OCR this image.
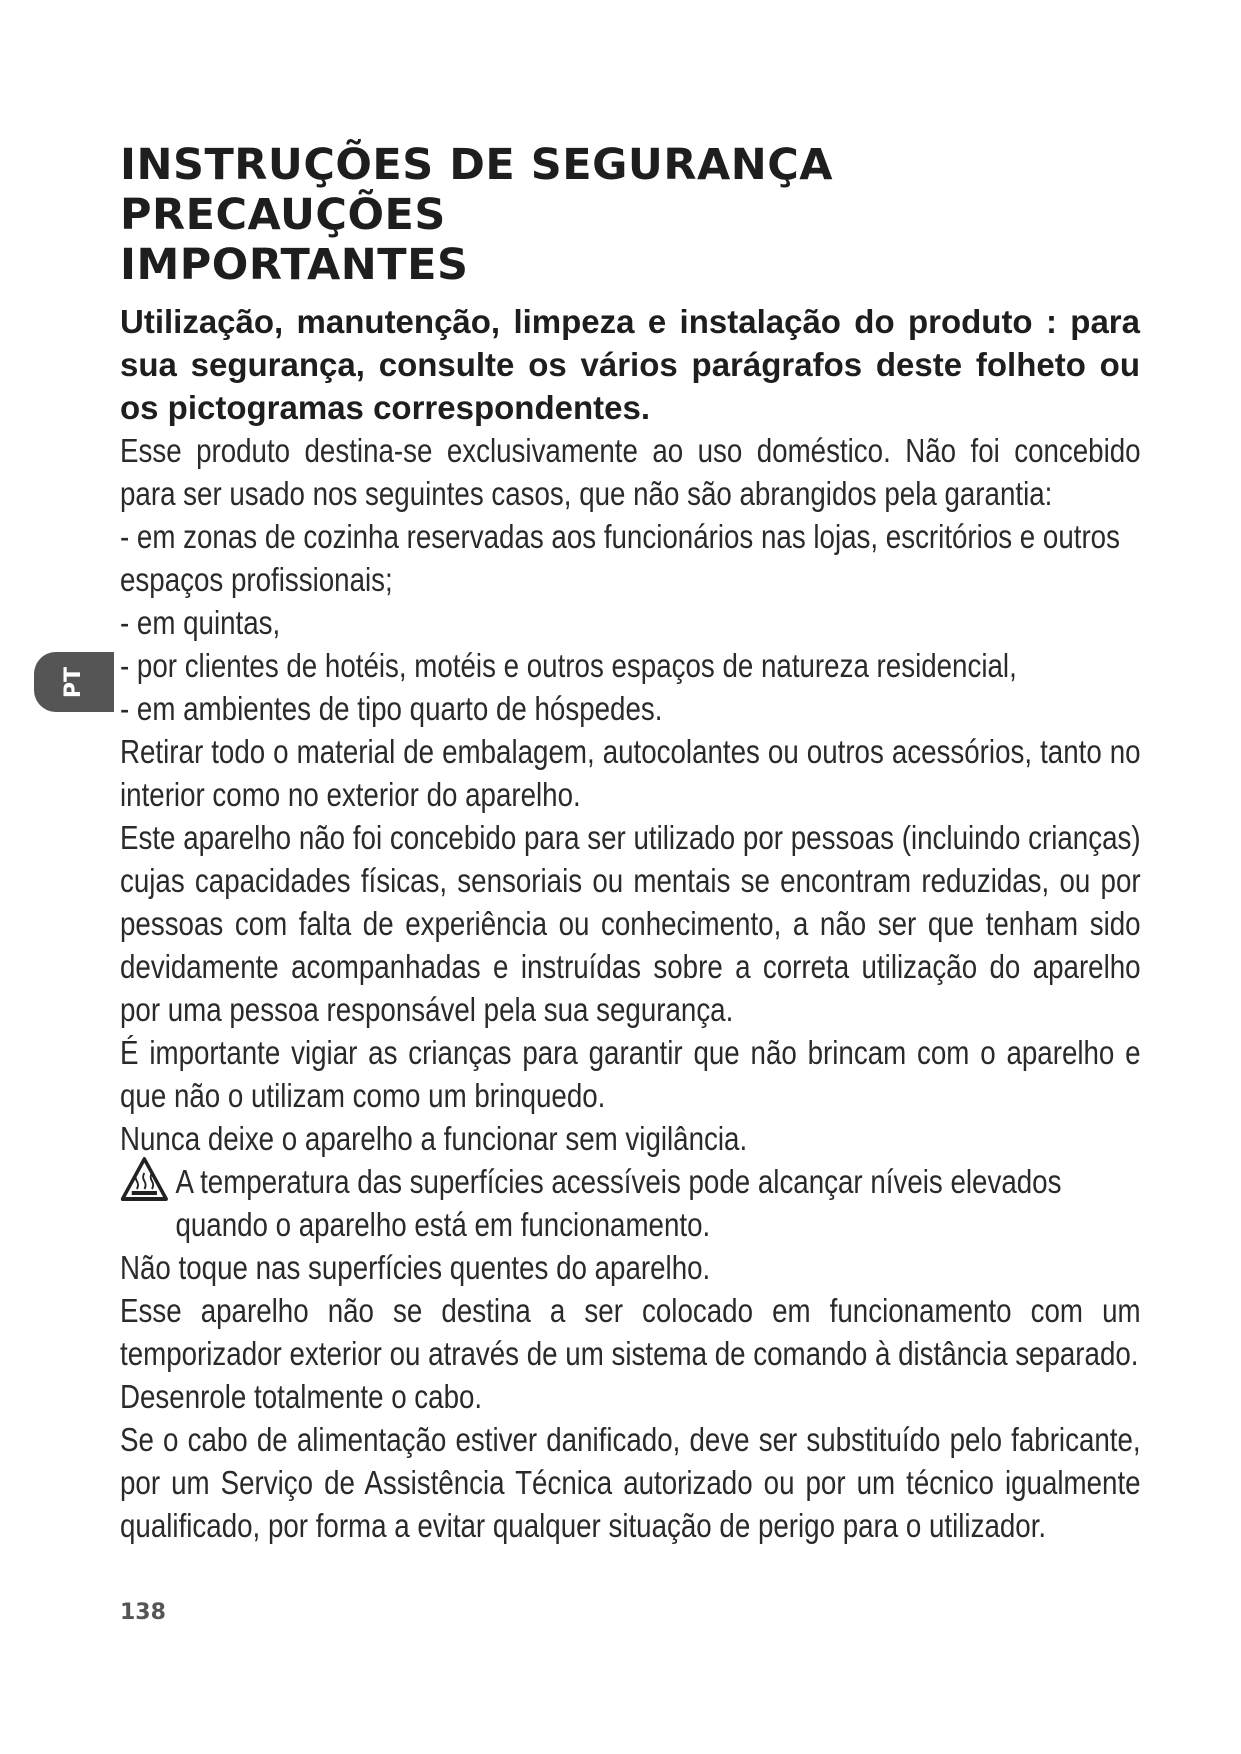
PT
INSTRUÇÕES DE SEGURANÇA PRECAUÇÕES
IMPORTANTES

Utilização, manutenção, limpeza e instalação do produto : para sua segurança, consulte os vários parágrafos deste folheto ou os pictogramas correspondentes.

Esse produto destina-se exclusivamente ao uso doméstico. Não foi concebido para ser usado nos seguintes casos, que não são abrangidos pela garantia:

- em zonas de cozinha reservadas aos funcionários nas lojas, escritórios e outros espaços profissionais;

- em quintas,

- por clientes de hotéis, motéis e outros espaços de natureza residencial,

- em ambientes de tipo quarto de hóspedes.

Retirar todo o material de embalagem, autocolantes ou outros acessórios, tanto no interior como no exterior do aparelho.

Este aparelho não foi concebido para ser utilizado por pessoas (incluindo crianças) cujas capacidades físicas, sensoriais ou mentais se encontram reduzidas, ou por pessoas com falta de experiência ou conhecimento, a não ser que tenham sido devidamente acompanhadas e instruídas sobre a correta utilização do aparelho por uma pessoa responsável pela sua segurança.

É importante vigiar as crianças para garantir que não brincam com o aparelho e que não o utilizam como um brinquedo.

Nunca deixe o aparelho a funcionar sem vigilância.

A temperatura das superfícies acessíveis pode alcançar níveis elevados quando o aparelho está em funcionamento.

Não toque nas superfícies quentes do aparelho.

Esse aparelho não se destina a ser colocado em funcionamento com um temporizador exterior ou através de um sistema de comando à distância separado.

Desenrole totalmente o cabo.

Se o cabo de alimentação estiver danificado, deve ser substituído pelo fabricante, por um Serviço de Assistência Técnica autorizado ou por um técnico igualmente qualificado, por forma a evitar qualquer situação de perigo para o utilizador.

138
